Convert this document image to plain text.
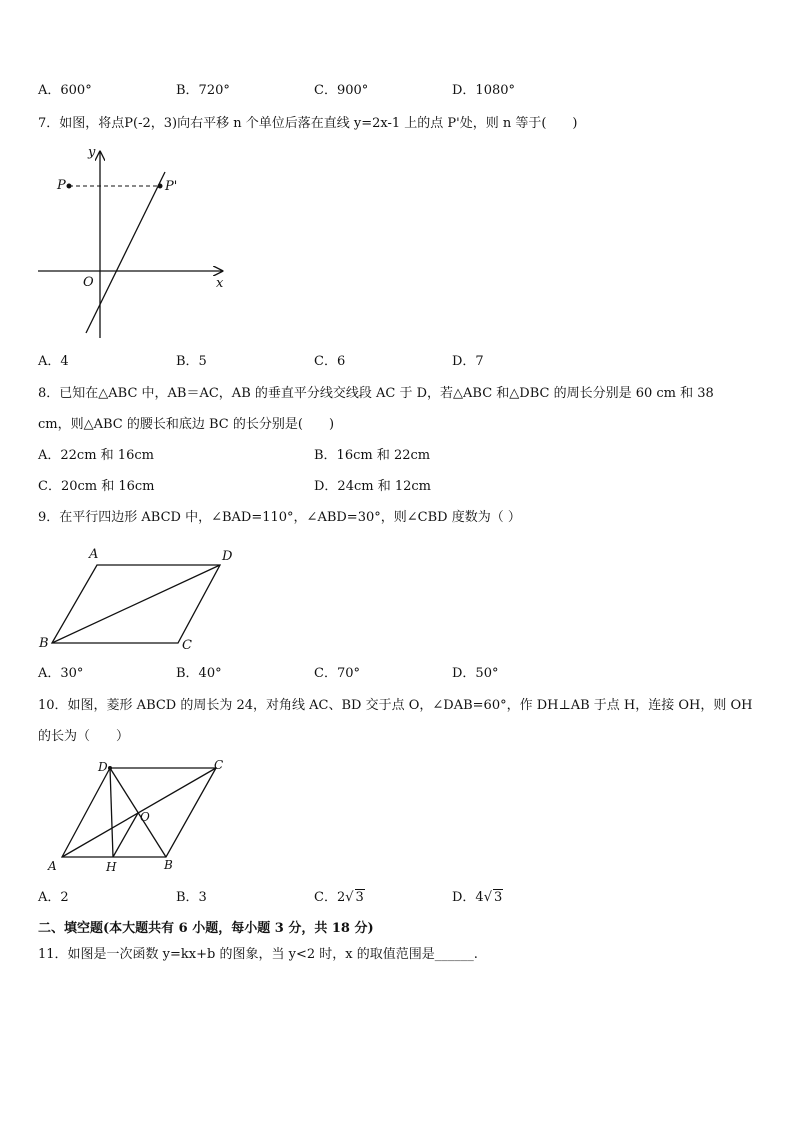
A．600°	B．720°	C．900°	D．1080°
7．如图，将点P(-2，3)向右平移 n 个单位后落在直线 y=2x-1 上的点 P'处，则 n 等于(　　)
y
P	P'
O	x
A．4	B．5	C．6	D．7
8．已知在△ABC 中，AB＝AC，AB 的垂直平分线交线段 AC 于 D，若△ABC 和△DBC 的周长分别是 60 cm 和 38
cm，则△ABC 的腰长和底边 BC 的长分别是(　　)
A．22cm 和 16cm	B．16cm 和 22cm
C．20cm 和 16cm	D．24cm 和 12cm
9．在平行四边形 ABCD 中，∠BAD=110°，∠ABD=30°，则∠CBD 度数为（ ）
A	D
B	C
A．30°	B．40°	C．70°	D．50°
10．如图，菱形 ABCD 的周长为 24，对角线 AC、BD 交于点 O，∠DAB=60°，作 DH⊥AB 于点 H，连接 OH，则 OH
的长为（　　）
D	C
O
A	H	B
A．2	B．3	C．2√ 3	D．4√ 3
二、填空题(本大题共有 6 小题，每小题 3 分，共 18 分)
11．如图是一次函数 y=kx+b 的图象，当 y<2 时，x 的取值范围是______.
